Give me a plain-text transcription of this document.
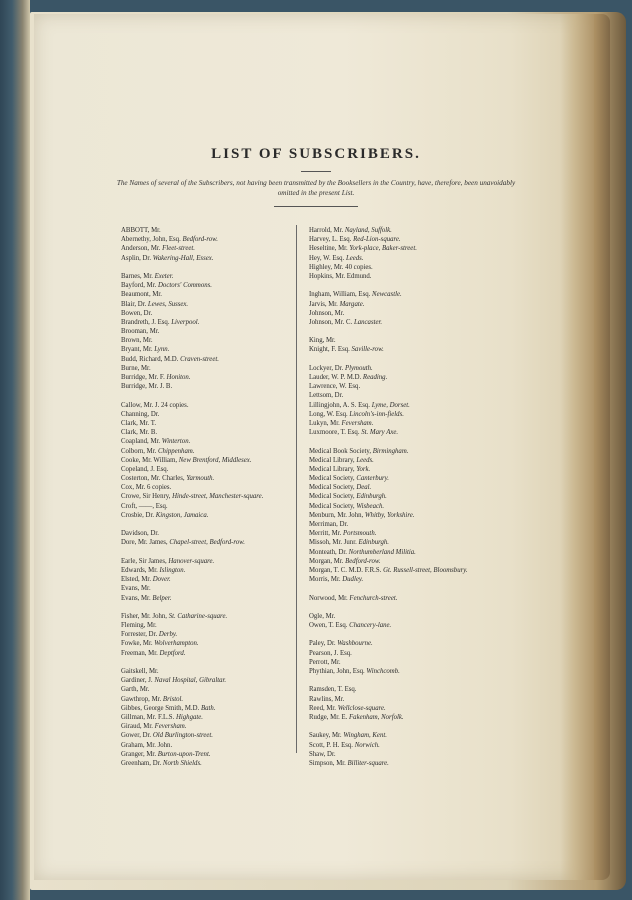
LIST OF SUBSCRIBERS.
The Names of several of the Subscribers, not having been transmitted by the Booksellers in the Country, have, therefore, been unavoidably omitted in the present List.
ABBOTT, Mr.
Abernethy, John, Esq. Bedford-row.
Anderson, Mr. Fleet-street.
Asplin, Dr. Wakering-Hall, Essex.
Barnes, Mr. Exeter.
Bayford, Mr. Doctors' Commons.
Beaumont, Mr.
Blair, Dr. Lewes, Sussex.
Bowen, Dr.
Brandreth, J. Esq. Liverpool.
Brooman, Mr.
Brown, Mr.
Bryant, Mr. Lynn.
Budd, Richard, M.D. Craven-street.
Burne, Mr.
Burridge, Mr. F. Honiton.
Burridge, Mr. J. B.
Callow, Mr. J. 24 copies.
Channing, Dr.
Clark, Mr. T.
Clark, Mr. B.
Coapland, Mr. Winterton.
Colborn, Mr. Chippenham.
Cooke, Mr. William, New Brentford, Middlesex.
Copeland, J. Esq.
Costerton, Mr. Charles, Yarmouth.
Cox, Mr. 6 copies.
Crowe, Sir Henry, Hinde-street, Manchester-square.
Croft, ——, Esq.
Crosbie, Dr. Kingston, Jamaica.
Davidson, Dr.
Dore, Mr. James, Chapel-street, Bedford-row.
Earle, Sir James, Hanover-square.
Edwards, Mr. Islington.
Elsted, Mr. Dover.
Evans, Mr.
Evans, Mr. Belper.
Fisher, Mr. John, St. Catharine-square.
Fleming, Mr.
Forrester, Dr. Derby.
Fowke, Mr. Wolverhampton.
Freeman, Mr. Deptford.
Gaitskell, Mr.
Gardiner, J. Naval Hospital, Gibraltar.
Garth, Mr.
Gawthrop, Mr. Bristol.
Gibbes, George Smith, M.D. Bath.
Gillman, Mr. F.L.S. Highgate.
Giraud, Mr. Feversham.
Gower, Dr. Old Burlington-street.
Graham, Mr. John.
Granger, Mr. Burton-upon-Trent.
Greenham, Dr. North Shields.
Harrold, Mr. Nayland, Suffolk.
Harvey, L. Esq. Red-Lion-square.
Heseltine, Mr. York-place, Baker-street.
Hey, W. Esq. Leeds.
Highley, Mr. 40 copies.
Hopkins, Mr. Edmund.
Ingham, William, Esq. Newcastle.
Jarvis, Mr. Margate.
Johnson, Mr.
Johnson, Mr. C. Lancaster.
King, Mr.
Knight, F. Esq. Saville-row.
Lockyer, Dr. Plymouth.
Lauder, W. P. M.D. Reading.
Lawrence, W. Esq.
Lettsom, Dr.
Lillingjohn, A. S. Esq. Lyme, Dorset.
Long, W. Esq. Lincoln's-inn-fields.
Lukyn, Mr. Feversham.
Luxmoore, T. Esq. St. Mary Axe.
Medical Book Society, Birmingham.
Medical Library, Leeds.
Medical Library, York.
Medical Society, Canterbury.
Medical Society, Deal.
Medical Society, Edinburgh.
Medical Society, Wisbeach.
Menburn, Mr. John, Whitby, Yorkshire.
Merriman, Dr.
Merritt, Mr. Portsmouth.
Missoh, Mr. Junr. Edinburgh.
Monteath, Dr. Northumberland Militia.
Morgan, Mr. Bedford-row.
Morgan, T. C. M.D. F.R.S. Gt. Russell-street, Bloomsbury.
Morris, Mr. Dudley.
Norwood, Mr. Fenchurch-street.
Ogle, Mr.
Owen, T. Esq. Chancery-lane.
Paley, Dr. Washbourne.
Pearson, J. Esq.
Perrott, Mr.
Phythian, John, Esq. Winchcomb.
Ramsden, T. Esq.
Rawlins, Mr.
Reed, Mr. Wellclose-square.
Rudge, Mr. E. Fakenham, Norfolk.
Saukey, Mr. Wingham, Kent.
Scott, P. H. Esq. Norwich.
Shaw, Dr.
Simpson, Mr. Billiter-square.
